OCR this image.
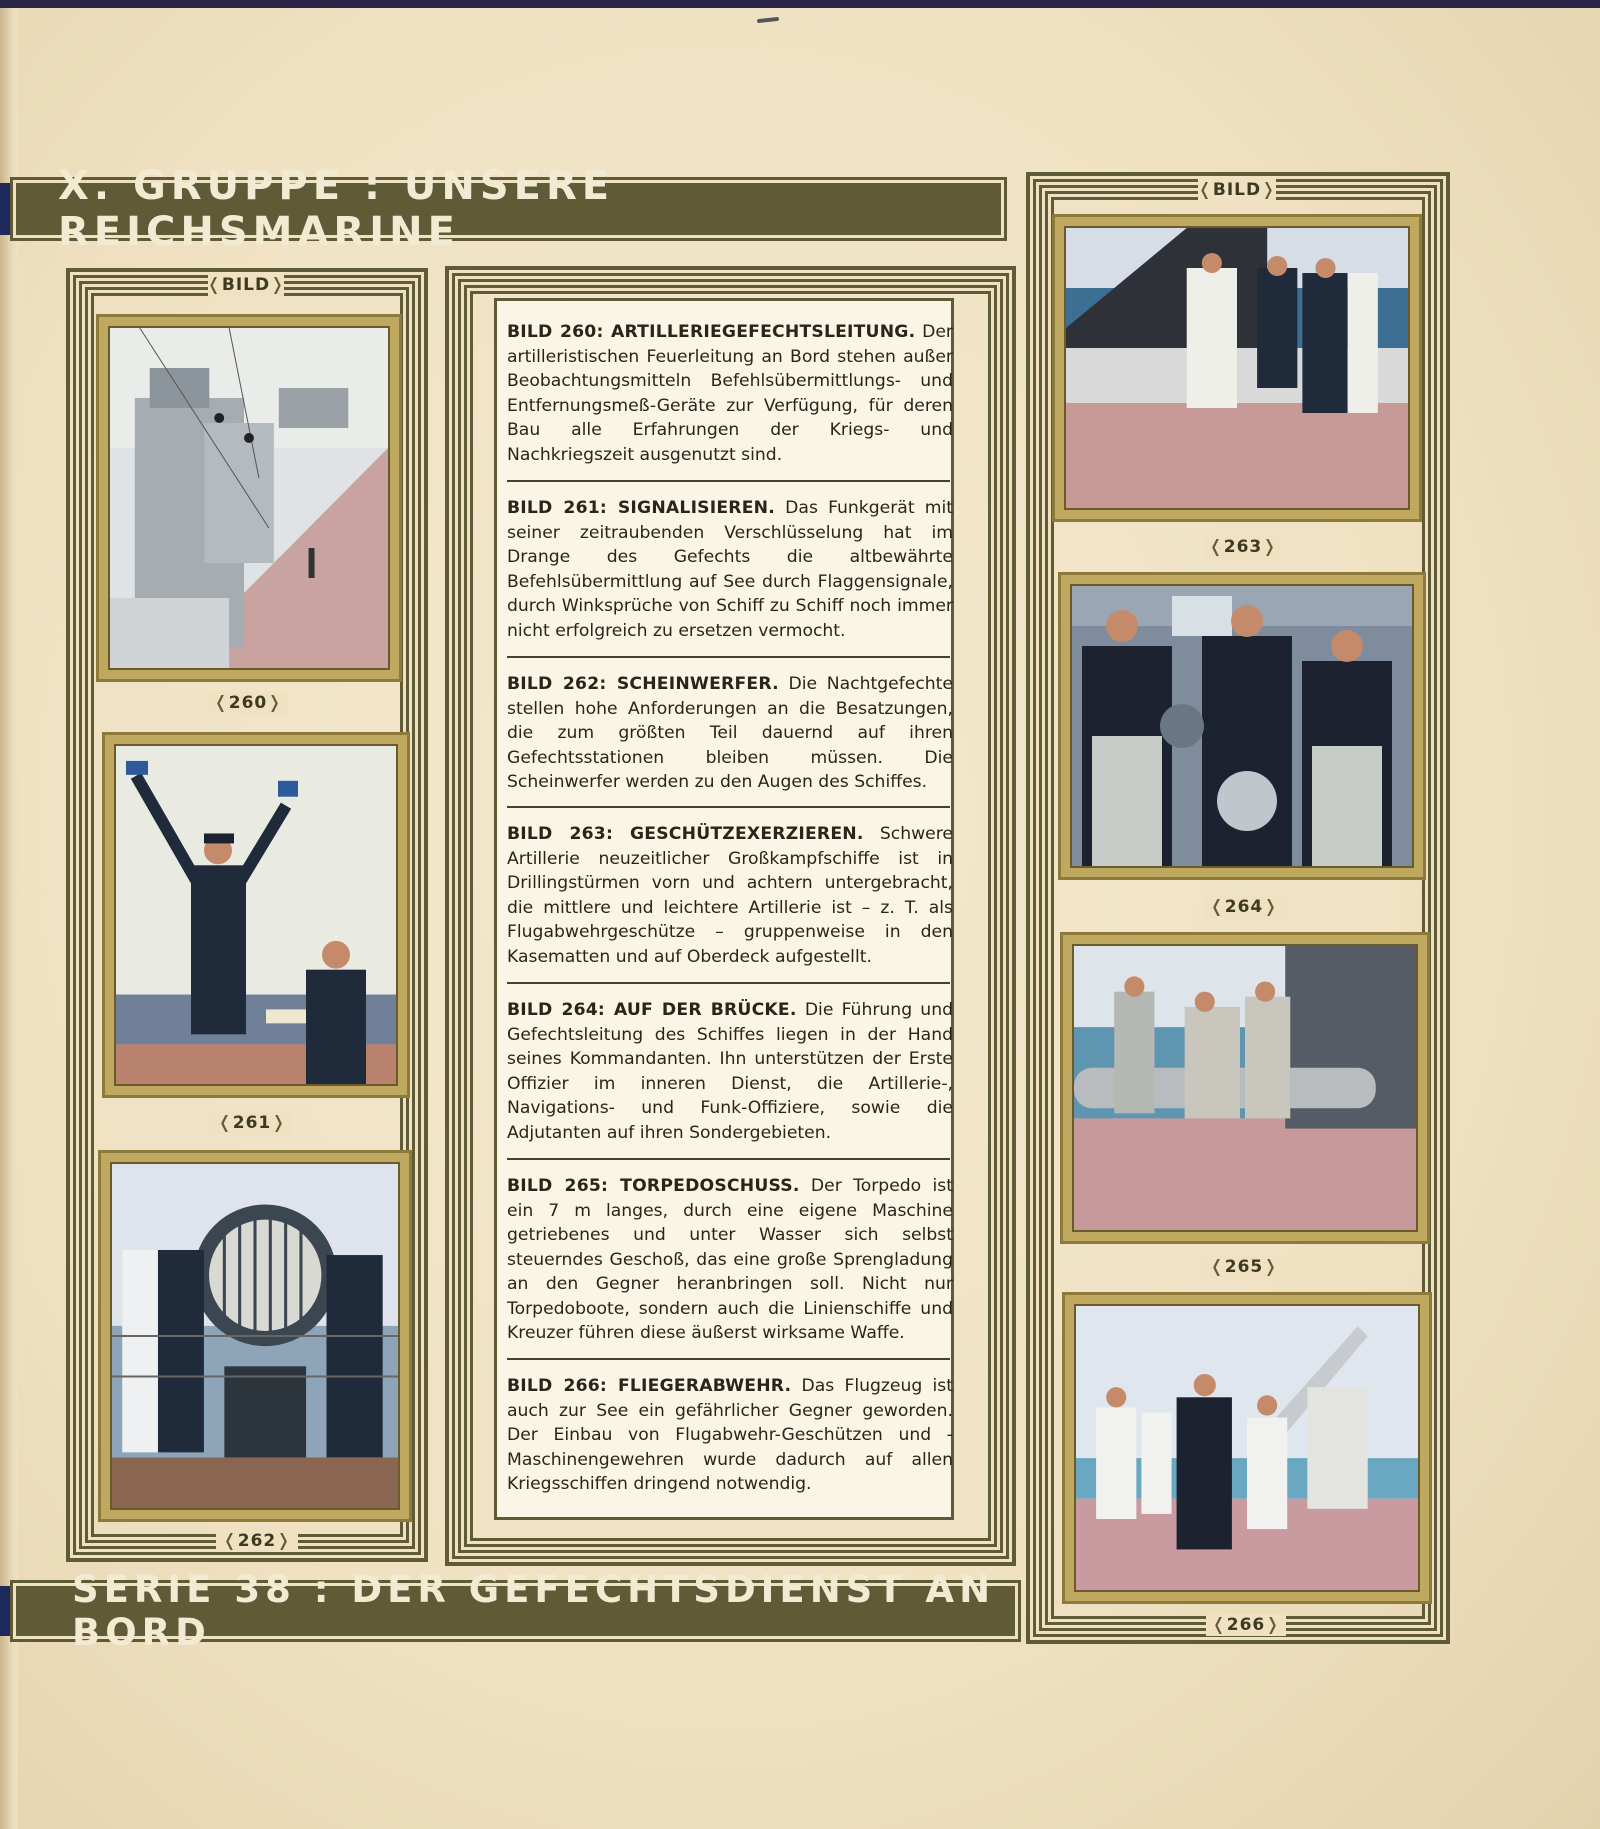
X. GRUPPE : UNSERE REICHSMARINE
❬ BILD ❭
❬ 260 ❭
❬ 261 ❭
❬ 262 ❭
BILD 260: ARTILLERIEGEFECHTSLEITUNG. Der artilleristischen Feuerleitung an Bord stehen außer Beobachtungsmitteln Befehlsübermittlungs- und Entfernungsmeß-Geräte zur Verfügung, für deren Bau alle Erfahrungen der Kriegs- und Nachkriegszeit ausgenutzt sind.
BILD 261: SIGNALISIEREN. Das Funkgerät mit seiner zeitraubenden Verschlüsselung hat im Drange des Gefechts die altbewährte Befehlsübermittlung auf See durch Flaggensignale, durch Winksprüche von Schiff zu Schiff noch immer nicht erfolgreich zu ersetzen vermocht.
BILD 262: SCHEINWERFER. Die Nachtgefechte stellen hohe Anforderungen an die Besatzungen, die zum größten Teil dauernd auf ihren Gefechtsstationen bleiben müssen. Die Scheinwerfer werden zu den Augen des Schiffes.
BILD 263: GESCHÜTZEXERZIEREN. Schwere Artillerie neuzeitlicher Großkampfschiffe ist in Drillingstürmen vorn und achtern untergebracht, die mittlere und leichtere Artillerie ist – z. T. als Flugabwehrgeschütze – gruppenweise in den Kasematten und auf Oberdeck aufgestellt.
BILD 264: AUF DER BRÜCKE. Die Führung und Gefechtsleitung des Schiffes liegen in der Hand seines Kommandanten. Ihn unterstützen der Erste Offizier im inneren Dienst, die Artillerie-, Navigations- und Funk-Offiziere, sowie die Adjutanten auf ihren Sondergebieten.
BILD 265: TORPEDOSCHUSS. Der Torpedo ist ein 7 m langes, durch eine eigene Maschine getriebenes und unter Wasser sich selbst steuerndes Geschoß, das eine große Sprengladung an den Gegner heranbringen soll. Nicht nur Torpedoboote, sondern auch die Linienschiffe und Kreuzer führen diese äußerst wirksame Waffe.
BILD 266: FLIEGERABWEHR. Das Flugzeug ist auch zur See ein gefährlicher Gegner geworden. Der Einbau von Flugabwehr-Geschützen und -Maschinengewehren wurde dadurch auf allen Kriegsschiffen dringend notwendig.
❬ BILD ❭
❬ 263 ❭
❬ 264 ❭
❬ 265 ❭
❬ 266 ❭
SERIE 38 : DER GEFECHTSDIENST AN BORD
